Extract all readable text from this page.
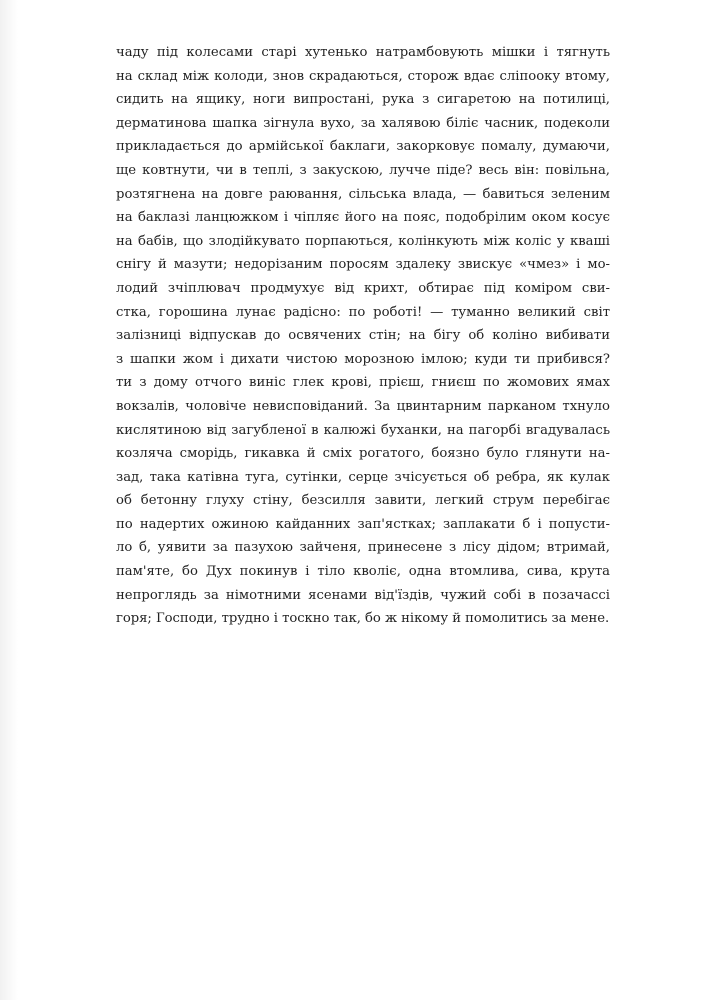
чаду під колесами старі хутенько натрамбовують мішки і тягнуть
на склад між колоди, знов скрадаються, сторож вдає сліпооку втому,
сидить на ящику, ноги випростані, рука з сигаретою на потилиці,
дерматинова шапка зігнула вухо, за халявою біліє часник, подеколи
прикладається до армійської баклаги, закорковує помалу, думаючи,
ще ковтнути, чи в теплі, з закускою, лучче піде? весь він: повільна,
розтягнена на довге раювання, сільська влада, — бавиться зеленим
на баклазі ланцюжком і чіпляє його на пояс, подобрілим оком косує
на бабів, що злодійкувато порпаються, колінкують між коліс у кваші
снігу й мазути; недорізаним поросям здалеку звискує «чмез» і мо-
лодий зчіплювач продмухує від крихт, обтирає під коміром сви-
стка, горошина лунає радісно: по роботі! — туманно великий світ
залізниці відпускав до освячених стін; на бігу об коліно вибивати
з шапки жом і дихати чистою морозною імлою; куди ти прибився?
ти з дому отчого виніс глек крові, прієш, гниєш по жомових ямах
вокзалів, чоловіче невисповіданий. За цвинтарним парканом тхнуло
кислятиною від загубленої в калюжі буханки, на пагорбі вгадувалась
козляча сморідь, гикавка й сміх рогатого, боязно було глянути на-
зад, така катівна туга, сутінки, серце зчісується об ребра, як кулак
об бетонну глуху стіну, безсилля завити, легкий струм перебігає
по надертих ожиною кайданних зап'ястках; заплакати б і попусти-
ло б, уявити за пазухою зайченя, принесене з лісу дідом; втримай,
пам'яте, бо Дух покинув і тіло кволіє, одна втомлива, сива, крута
непроглядь за німотними ясенами від'їздів, чужий собі в позачассі
горя; Господи, трудно і тоскно так, бо ж нікому й помолитись за мене.
